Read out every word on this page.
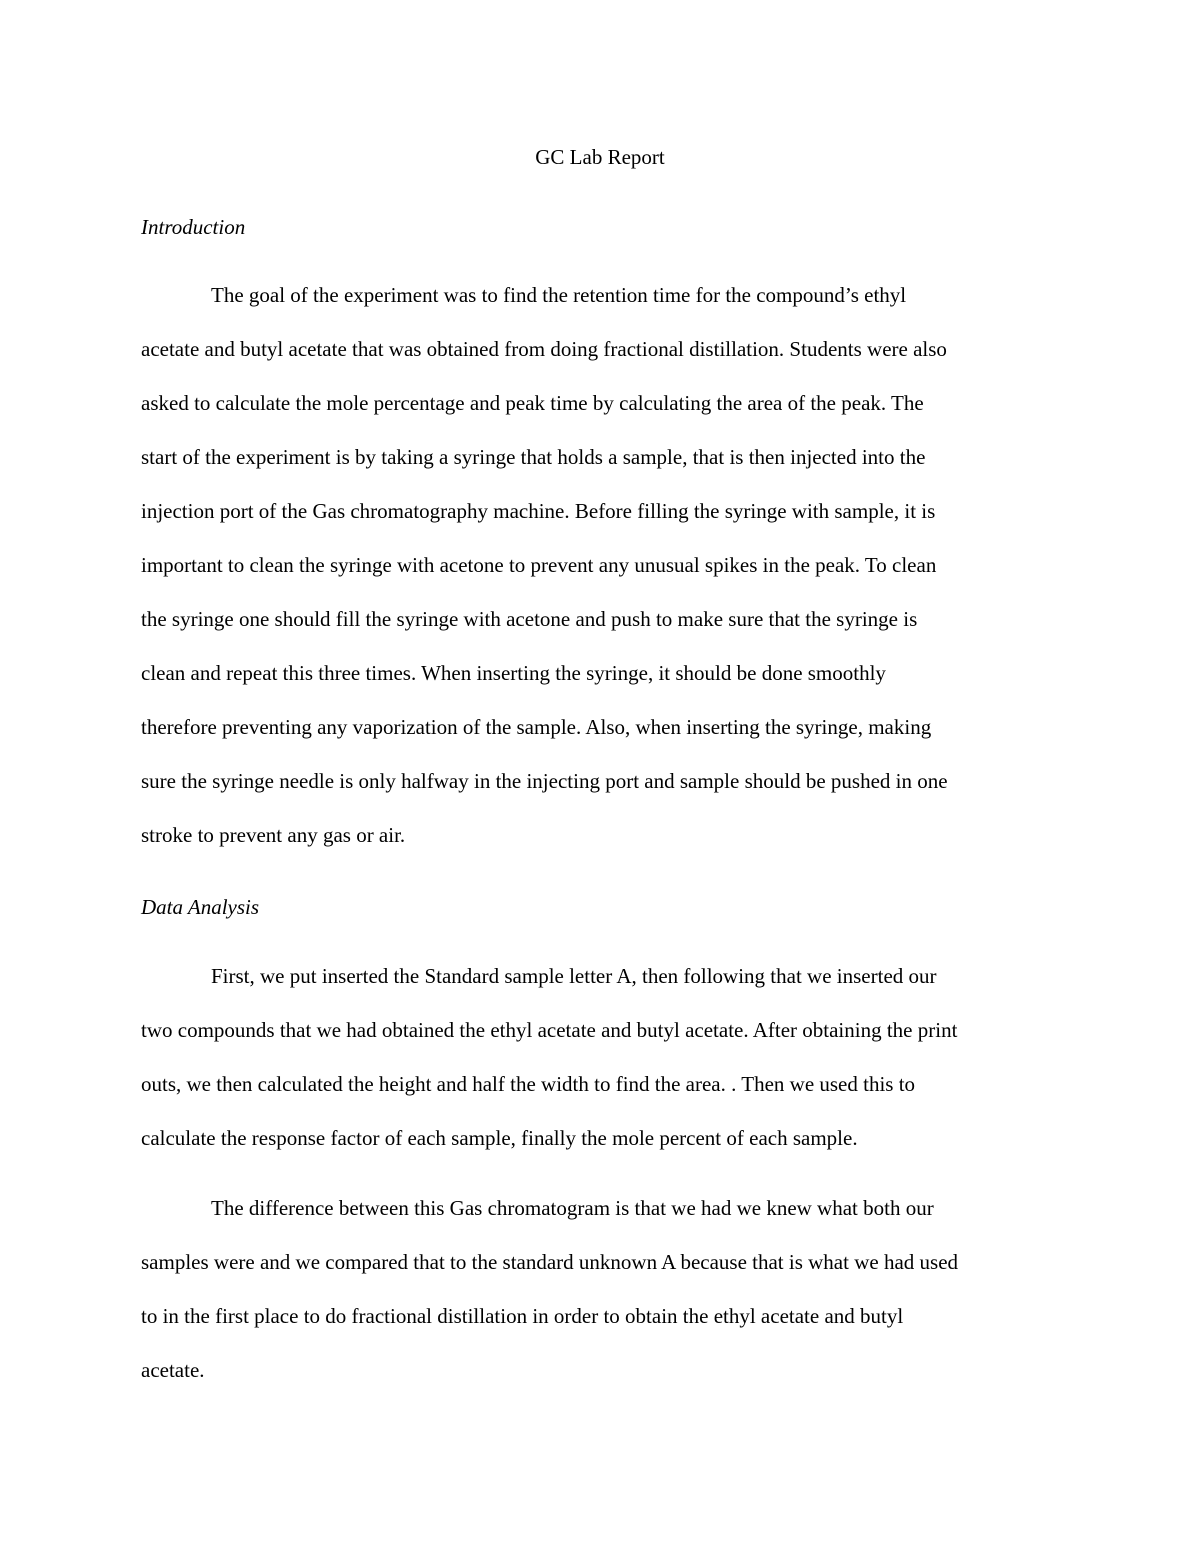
GC Lab Report
Introduction
The goal of the experiment was to find the retention time for the compound’s ethyl
acetate and butyl acetate that was obtained from doing fractional distillation. Students were also
asked to calculate the mole percentage and peak time by calculating the area of the peak. The
start of the experiment is by taking a syringe that holds a sample, that is then injected into the
injection port of the Gas chromatography machine. Before filling the syringe with sample, it is
important to clean the syringe with acetone to prevent any unusual spikes in the peak. To clean
the syringe one should fill the syringe with acetone and push to make sure that the syringe is
clean and repeat this three times. When inserting the syringe, it should be done smoothly
therefore preventing any vaporization of the sample. Also, when inserting the syringe, making
sure the syringe needle is only halfway in the injecting port and sample should be pushed in one
stroke to prevent any gas or air.
Data Analysis
First, we put inserted the Standard sample letter A, then following that we inserted our
two compounds that we had obtained the ethyl acetate and butyl acetate. After obtaining the print
outs, we then calculated the height and half the width to find the area. . Then we used this to
calculate the response factor of each sample, finally the mole percent of each sample.
The difference between this Gas chromatogram is that we had we knew what both our
samples were and we compared that to the standard unknown A because that is what we had used
to in the first place to do fractional distillation in order to obtain the ethyl acetate and butyl
acetate.
